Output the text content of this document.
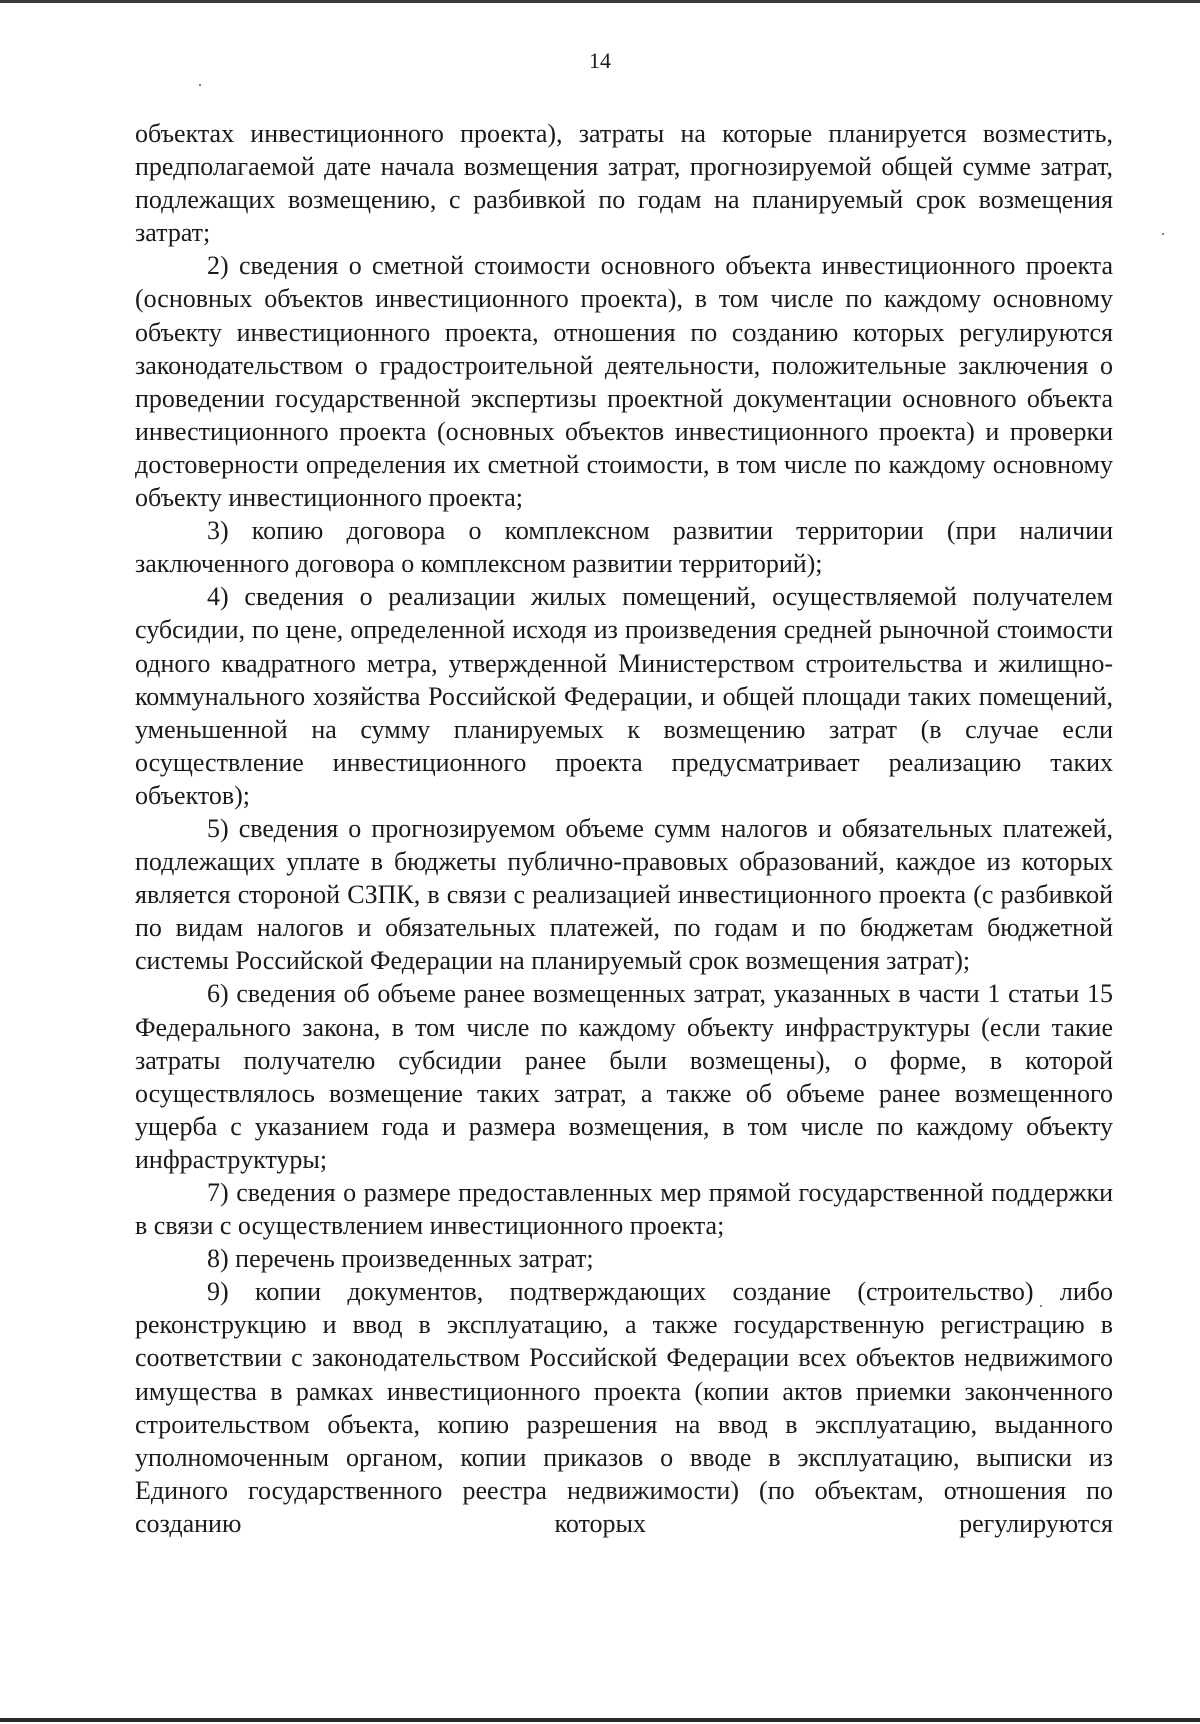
14

объектах инвестиционного проекта), затраты на которые планируется возместить, предполагаемой дате начала возмещения затрат, прогнозируемой общей сумме затрат, подлежащих возмещению, с разбивкой по годам на планируемый срок возмещения затрат;

2) сведения о сметной стоимости основного объекта инвестиционного проекта (основных объектов инвестиционного проекта), в том числе по каждому основному объекту инвестиционного проекта, отношения по созданию которых регулируются законодательством о градостроительной деятельности, положительные заключения о проведении государственной экспертизы проектной документации основного объекта инвестиционного проекта (основных объектов инвестиционного проекта) и проверки достоверности определения их сметной стоимости, в том числе по каждому основному объекту инвестиционного проекта;

3) копию договора о комплексном развитии территории (при наличии заключенного договора о комплексном развитии территорий);

4) сведения о реализации жилых помещений, осуществляемой получателем субсидии, по цене, определенной исходя из произведения средней рыночной стоимости одного квадратного метра, утвержденной Министерством строительства и жилищно-коммунального хозяйства Российской Федерации, и общей площади таких помещений, уменьшенной на сумму планируемых к возмещению затрат (в случае если осуществление инвестиционного проекта предусматривает реализацию таких объектов);

5) сведения о прогнозируемом объеме сумм налогов и обязательных платежей, подлежащих уплате в бюджеты публично-правовых образований, каждое из которых является стороной СЗПК, в связи с реализацией инвестиционного проекта (с разбивкой по видам налогов и обязательных платежей, по годам и по бюджетам бюджетной системы Российской Федерации на планируемый срок возмещения затрат);

6) сведения об объеме ранее возмещенных затрат, указанных в части 1 статьи 15 Федерального закона, в том числе по каждому объекту инфраструктуры (если такие затраты получателю субсидии ранее были возмещены), о форме, в которой осуществлялось возмещение таких затрат, а также об объеме ранее возмещенного ущерба с указанием года и размера возмещения, в том числе по каждому объекту инфраструктуры;

7) сведения о размере предоставленных мер прямой государственной поддержки в связи с осуществлением инвестиционного проекта;

8) перечень произведенных затрат;

9) копии документов, подтверждающих создание (строительство) либо реконструкцию и ввод в эксплуатацию, а также государственную регистрацию в соответствии с законодательством Российской Федерации всех объектов недвижимого имущества в рамках инвестиционного проекта (копии актов приемки законченного строительством объекта, копию разрешения на ввод в эксплуатацию, выданного уполномоченным органом, копии приказов о вводе в эксплуатацию, выписки из Единого государственного реестра недвижимости) (по объектам, отношения по созданию которых регулируются
